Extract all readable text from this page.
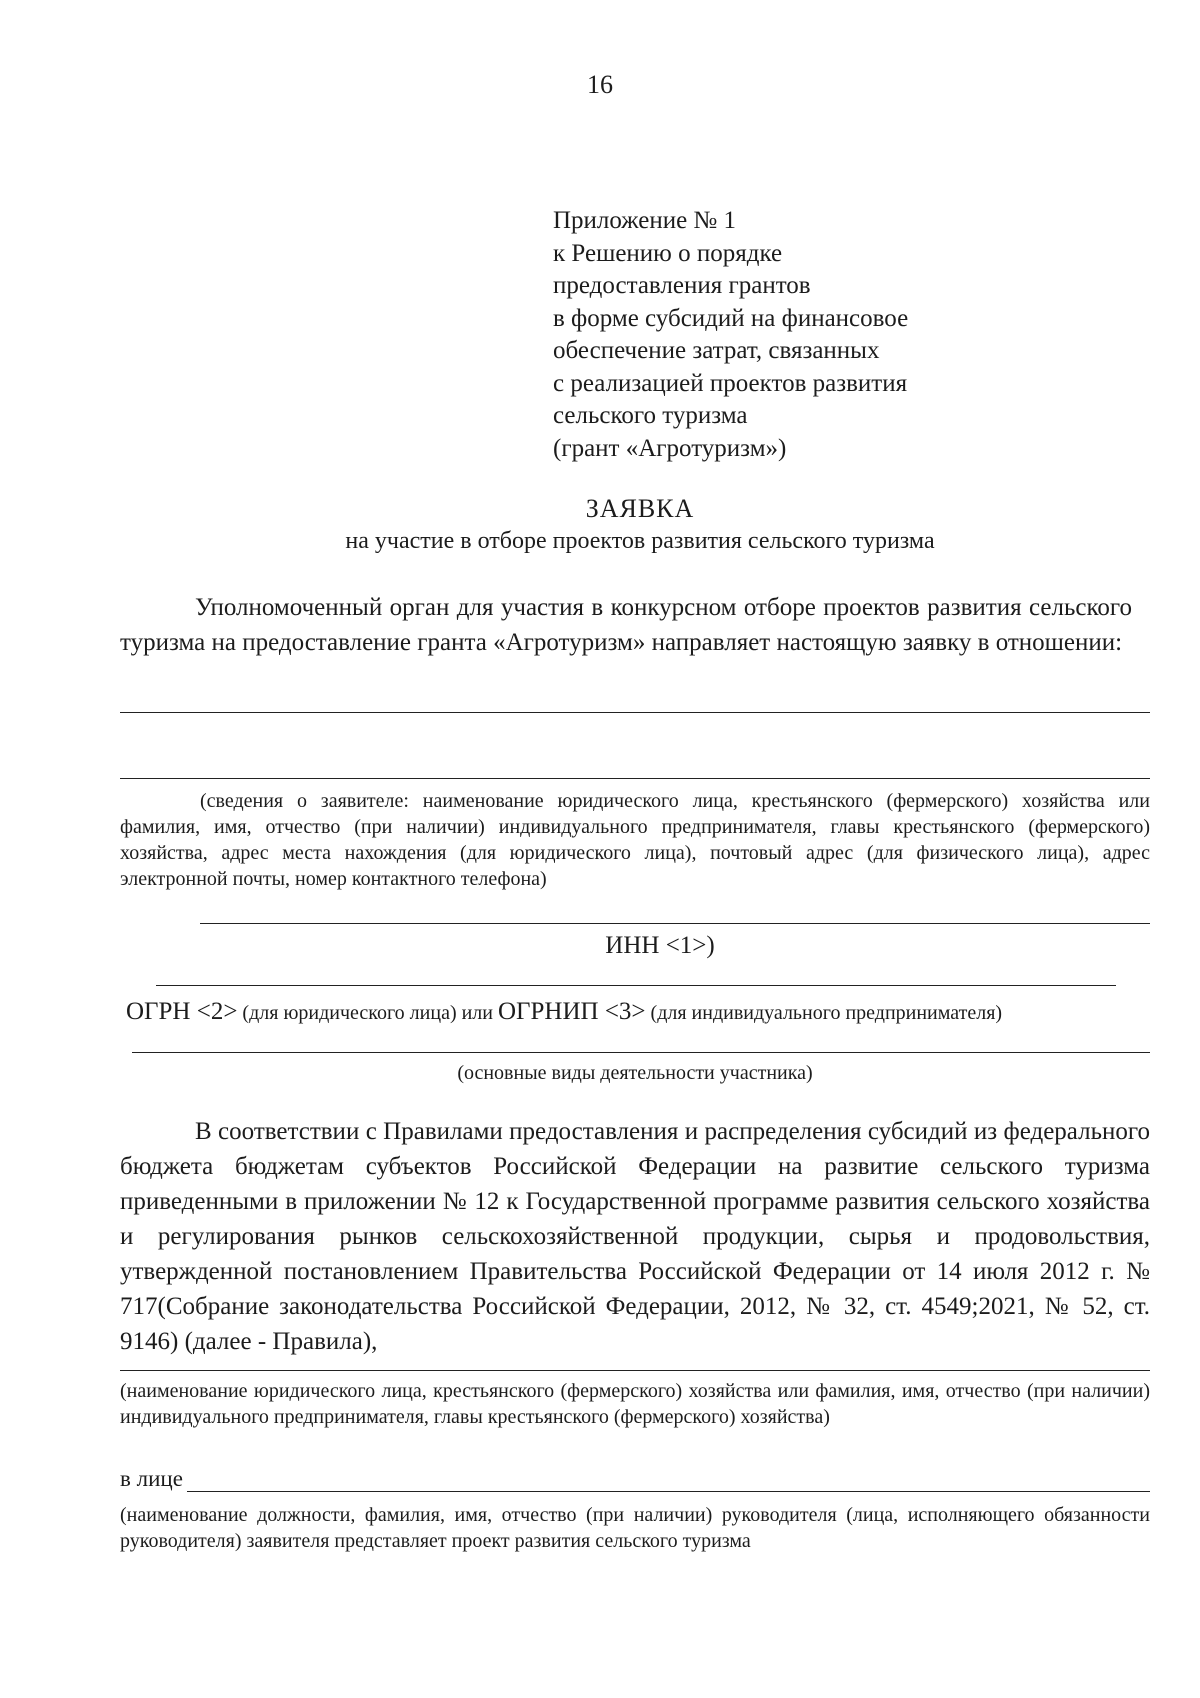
16
Приложение № 1
к Решению о порядке
предоставления грантов
в форме субсидий на финансовое
обеспечение затрат, связанных
с реализацией проектов развития
сельского туризма
(грант «Агротуризм»)
ЗАЯВКА
на участие в отборе проектов развития сельского туризма
Уполномоченный орган для участия в конкурсном отборе проектов развития сельского туризма на предоставление гранта «Агротуризм» направляет настоящую заявку в отношении:
(сведения о заявителе: наименование юридического лица, крестьянского (фермерского) хозяйства или фамилия, имя, отчество (при наличии) индивидуального предпринимателя, главы крестьянского (фермерского) хозяйства, адрес места нахождения (для юридического лица), почтовый адрес (для физического лица), адрес электронной почты, номер контактного телефона)
ИНН <1>)
ОГРН <2> (для юридического лица) или ОГРНИП <3> (для индивидуального предпринимателя)
(основные виды деятельности участника)
В соответствии с Правилами предоставления и распределения субсидий из федерального бюджета бюджетам субъектов Российской Федерации на развитие сельского туризма приведенными в приложении № 12 к Государственной программе развития сельского хозяйства и регулирования рынков сельскохозяйственной продукции, сырья и продовольствия, утвержденной постановлением Правительства Российской Федерации от 14 июля 2012 г. № 717(Собрание законодательства Российской Федерации, 2012, № 32, ст. 4549;2021, № 52, ст. 9146) (далее - Правила),
(наименование юридического лица, крестьянского (фермерского) хозяйства или фамилия, имя, отчество (при наличии) индивидуального предпринимателя, главы крестьянского (фермерского) хозяйства)
в лице
(наименование должности, фамилия, имя, отчество (при наличии) руководителя (лица, исполняющего обязанности руководителя) заявителя представляет проект развития сельского туризма
